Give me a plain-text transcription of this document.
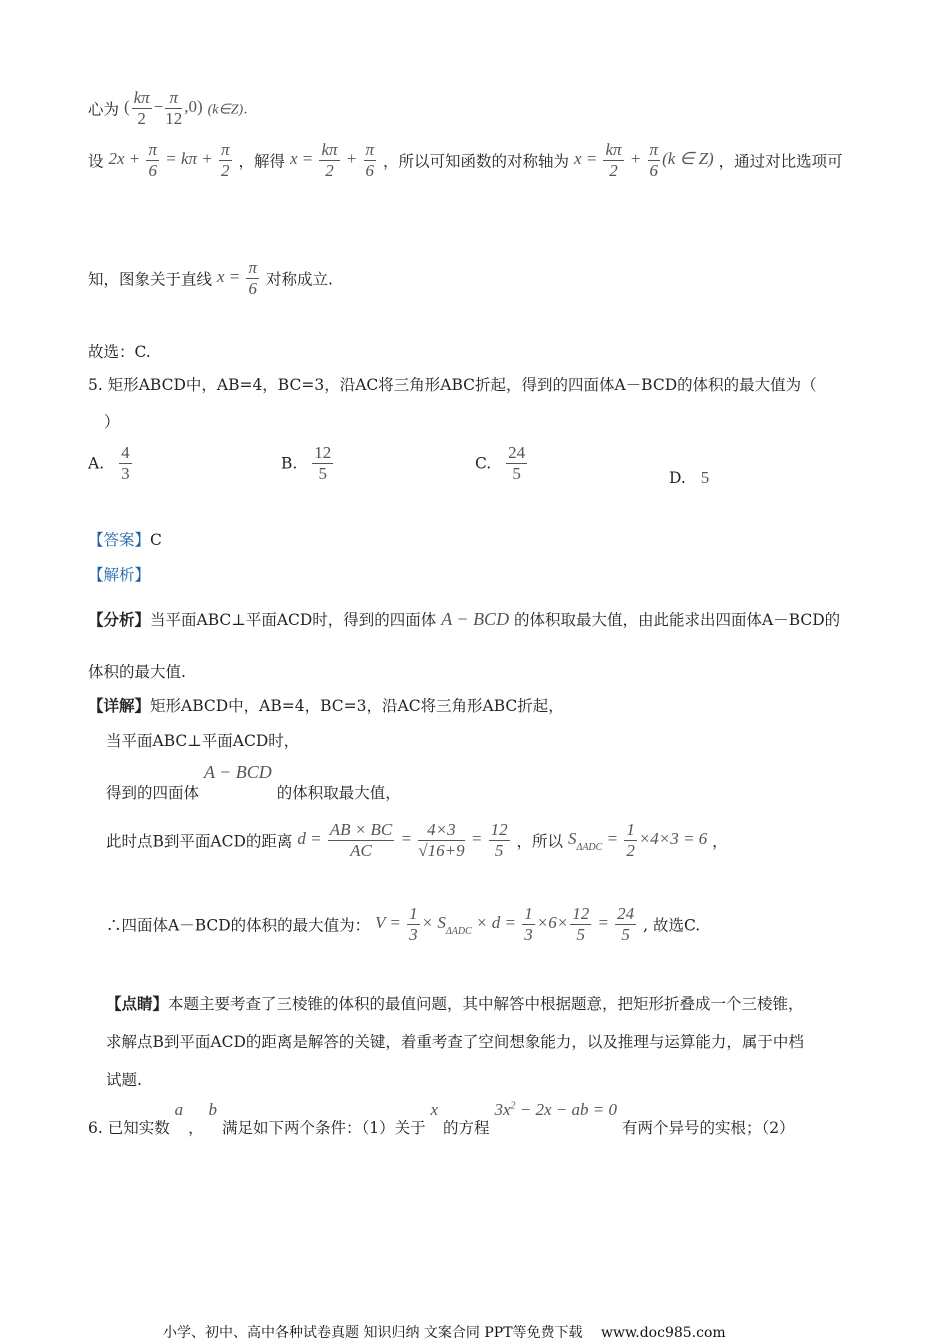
心为 ( $\frac{k\pi}{2} - \frac{\pi}{12} ,0$) (k∈Z)．
设 $2x + \frac{\pi}{6} = k\pi + \frac{\pi}{2}$ ，解得 $x = \frac{k\pi}{2} + \frac{\pi}{6}$ ，所以可知函数的对称轴为 $x = \frac{k\pi}{2} + \frac{\pi}{6} (k$ ∈ Z) ，通过对比选项可
知，图象关于直线 $x = \frac{\pi}{6}$ 对称成立.
故选：C.
5. 矩形ABCD中，AB=4，BC=3，沿AC将三角形ABC折起，得到的四面体A－BCD的体积的最大值为（
）
A. $\frac{4}{3}$	B. $\frac{12}{5}$	C. $\frac{24}{5}$	D. 5
【答案】C
【解析】
【分析】当平面ABC⊥平面ACD时，得到的四面体 A − BCD 的体积取最大值，由此能求出四面体A－BCD的
体积的最大值.
【详解】矩形ABCD中，AB=4，BC=3，沿AC将三角形ABC折起，
当平面ABC⊥平面ACD时，
得到的四面体 A − BCD 的体积取最大值，
此时点B到平面ACD的距离 $d = \frac{AB \times BC}{AC} = \frac{4\times 3}{√16+9} = \frac{12}{5}$ ，所以 $S_{\Delta ADC} = \frac{1}{2} \times 4\times 3 = 6$ ，
∴四面体A－BCD的体积的最大值为： $V = \frac{1}{3} \times S_{\Delta ADC} \times d = \frac{1}{3} \times 6\times \frac{12}{5} = \frac{24}{5}$ , 故选C.
【点睛】本题主要考查了三棱锥的体积的最值问题，其中解答中根据题意，把矩形折叠成一个三棱锥，
求解点B到平面ACD的距离是解答的关键，着重考查了空间想象能力，以及推理与运算能力，属于中档
试题.
6. 已知实数 a ， b 满足如下两个条件：（1）关于 x 的方程 $3x^2 - 2x$ − ab = 0 有两个异号的实根；（2）
小学、初中、高中各种试卷真题 知识归纳 文案合同 PPT等免费下载 www.doc985.com
